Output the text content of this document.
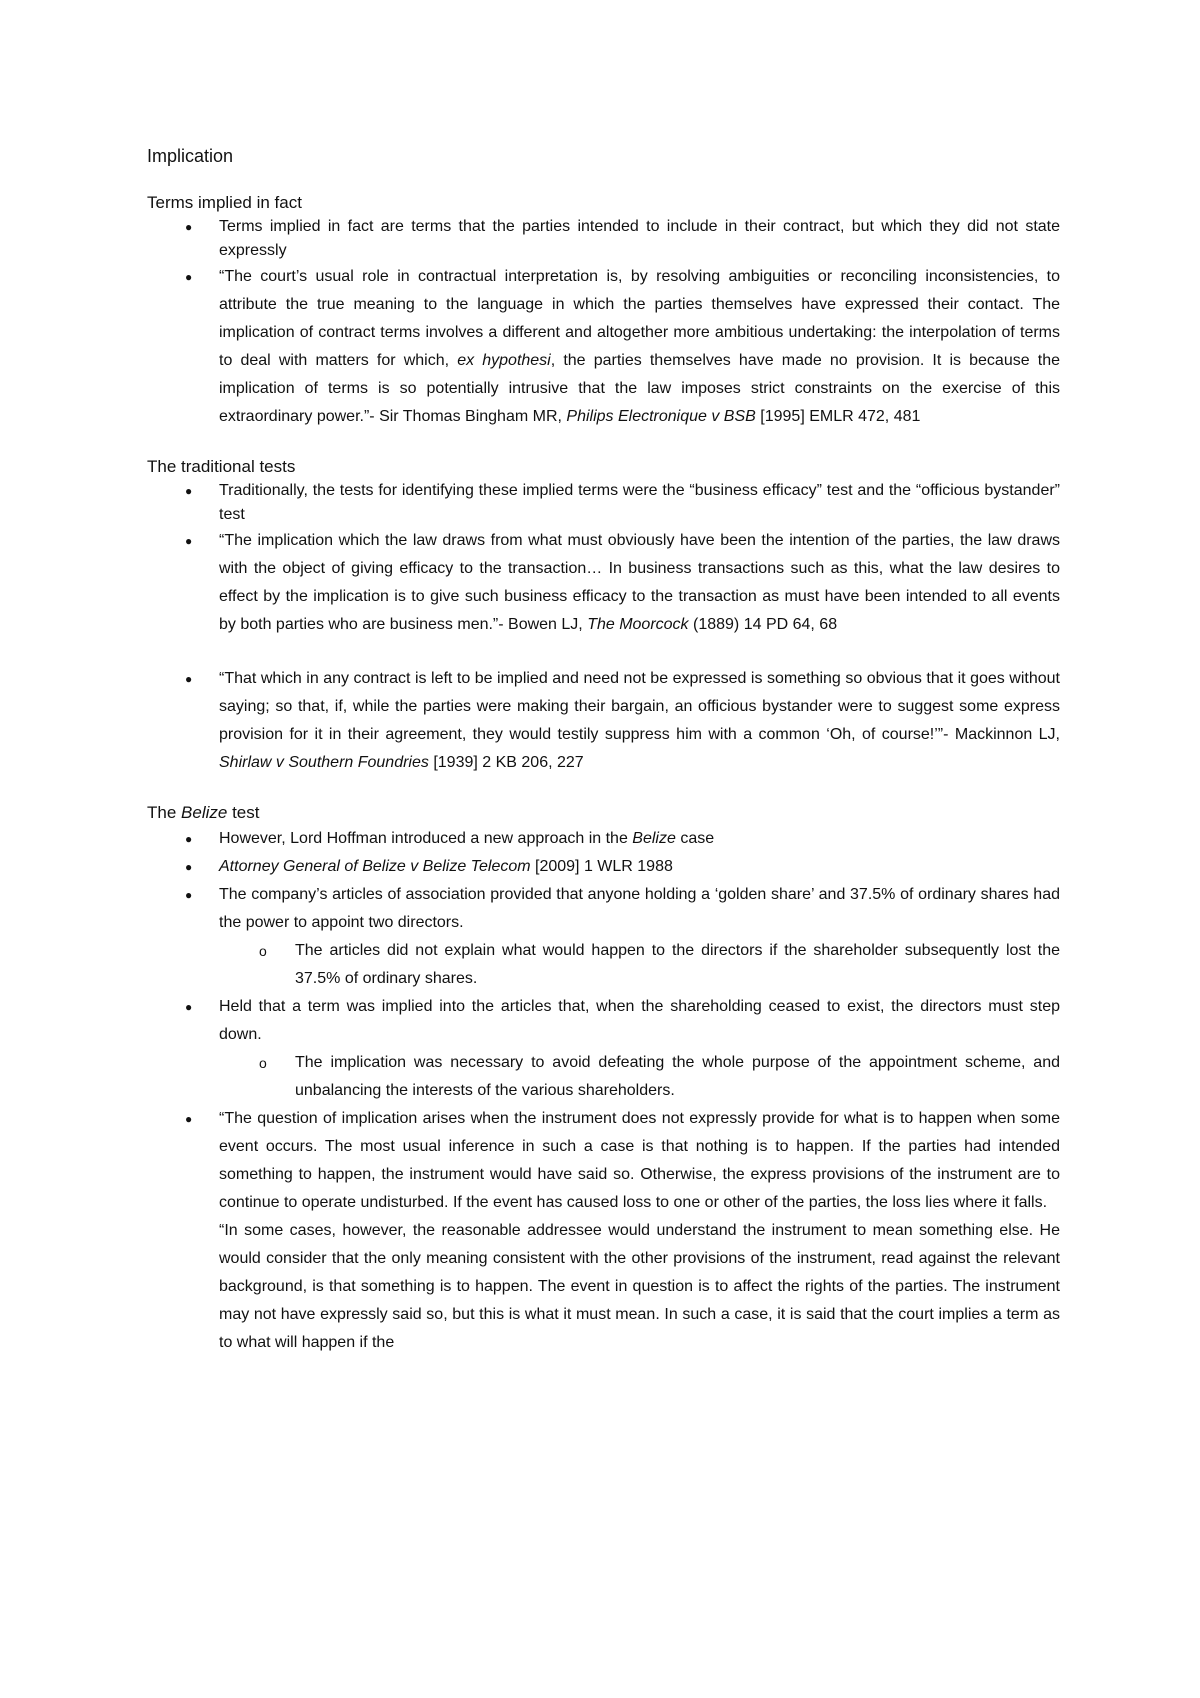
Implication
Terms implied in fact
● Terms implied in fact are terms that the parties intended to include in their contract, but which they did not state expressly
● “The court’s usual role in contractual interpretation is, by resolving ambiguities or reconciling inconsistencies, to attribute the true meaning to the language in which the parties themselves have expressed their contact. The implication of contract terms involves a different and altogether more ambitious undertaking: the interpolation of terms to deal with matters for which, ex hypothesi, the parties themselves have made no provision. It is because the implication of terms is so potentially intrusive that the law imposes strict constraints on the exercise of this extraordinary power.”- Sir Thomas Bingham MR, Philips Electronique v BSB [1995] EMLR 472, 481
The traditional tests
● Traditionally, the tests for identifying these implied terms were the “business efficacy” test and the “officious bystander” test
● “The implication which the law draws from what must obviously have been the intention of the parties, the law draws with the object of giving efficacy to the transaction… In business transactions such as this, what the law desires to effect by the implication is to give such business efficacy to the transaction as must have been intended to all events by both parties who are business men.”- Bowen LJ, The Moorcock (1889) 14 PD 64, 68
● “That which in any contract is left to be implied and need not be expressed is something so obvious that it goes without saying; so that, if, while the parties were making their bargain, an officious bystander were to suggest some express provision for it in their agreement, they would testily suppress him with a common ‘Oh, of course!’”- Mackinnon LJ, Shirlaw v Southern Foundries [1939] 2 KB 206, 227
The Belize test
● However, Lord Hoffman introduced a new approach in the Belize case
● Attorney General of Belize v Belize Telecom [2009] 1 WLR 1988
● The company’s articles of association provided that anyone holding a ‘golden share’ and 37.5% of ordinary shares had the power to appoint two directors.
o The articles did not explain what would happen to the directors if the shareholder subsequently lost the 37.5% of ordinary shares.
● Held that a term was implied into the articles that, when the shareholding ceased to exist, the directors must step down.
o The implication was necessary to avoid defeating the whole purpose of the appointment scheme, and unbalancing the interests of the various shareholders.
● “The question of implication arises when the instrument does not expressly provide for what is to happen when some event occurs. The most usual inference in such a case is that nothing is to happen. If the parties had intended something to happen, the instrument would have said so. Otherwise, the express provisions of the instrument are to continue to operate undisturbed. If the event has caused loss to one or other of the parties, the loss lies where it falls.

“In some cases, however, the reasonable addressee would understand the instrument to mean something else. He would consider that the only meaning consistent with the other provisions of the instrument, read against the relevant background, is that something is to happen. The event in question is to affect the rights of the parties. The instrument may not have expressly said so, but this is what it must mean. In such a case, it is said that the court implies a term as to what will happen if the
